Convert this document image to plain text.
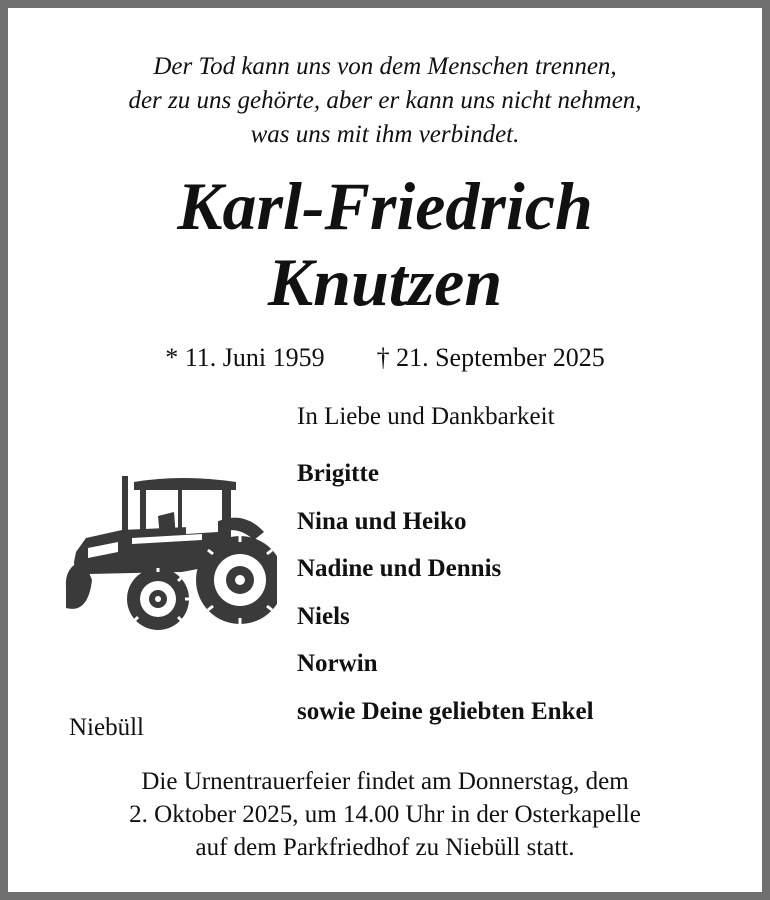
Der Tod kann uns von dem Menschen trennen,
der zu uns gehörte, aber er kann uns nicht nehmen,
was uns mit ihm verbindet.
Karl-Friedrich
Knutzen
* 11. Juni 1959 † 21. September 2025
In Liebe und Dankbarkeit
Brigitte
Nina und Heiko
Nadine und Dennis
Niels
Norwin
sowie Deine geliebten Enkel
Niebüll
Die Urnentrauerfeier findet am Donnerstag, dem
2. Oktober 2025, um 14.00 Uhr in der Osterkapelle
auf dem Parkfriedhof zu Niebüll statt.
